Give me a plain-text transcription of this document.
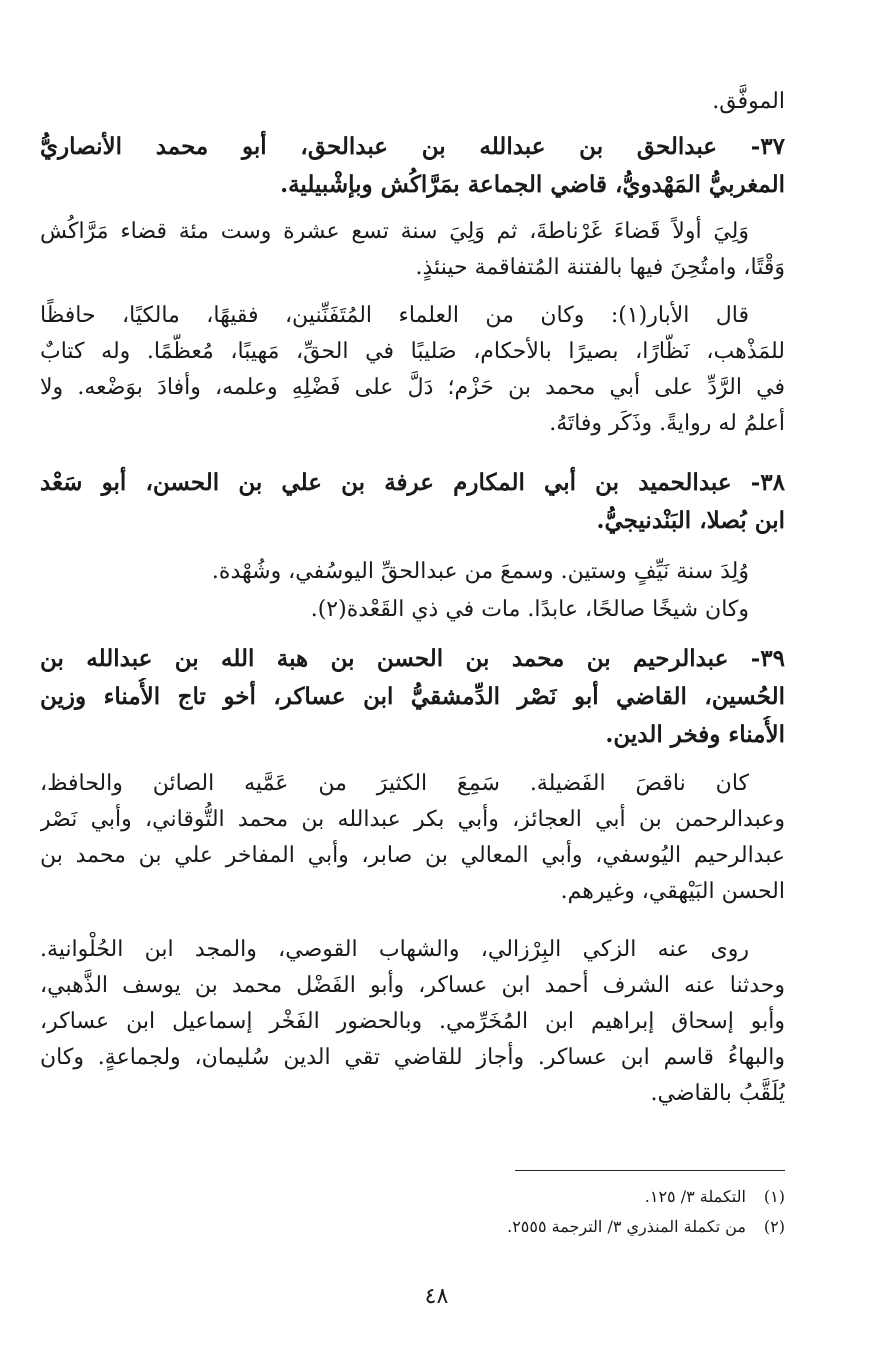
الموفَّق.
٣٧- عبدالحق بن عبدالله بن عبدالحق، أبو محمد الأنصاريُّ
المغربيُّ المَهْدويُّ، قاضي الجماعة بمَرَّاكُش وبإشْبيلية.
وَلِيَ أولاً قَضاءَ غَرْناطةَ، ثم وَلِيَ سنة تسع عشرة وست مئة قضاء مَرَّاكُش
وَقْتًا، وامتُحِنَ فيها بالفتنة المُتفاقمة حينئذٍ.
قال الأبار(١): وكان من العلماء المُتَفَنِّنين، فقيهًا، مالكيًا، حافظًا
للمَذْهب، نَظَّارًا، بصيرًا بالأحكام، صَليبًا في الحقِّ، مَهيبًا، مُعظَّمًا. وله كتابٌ
في الرَّدِّ على أبي محمد بن حَزْم؛ دَلَّ على فَضْلِهِ وعلمه، وأفادَ بوَضْعه. ولا
أعلمُ له روايةً. وذَكَر وفاتَهُ.
٣٨- عبدالحميد بن أبي المكارم عرفة بن علي بن الحسن، أبو سَعْد
ابن بُصلا، البَنْدنيجيُّ.
وُلِدَ سنة نَيِّفٍ وستين. وسمعَ من عبدالحقِّ اليوسُفي، وشُهْدة.
وكان شيخًا صالحًا، عابدًا. مات في ذي القَعْدة(٢).
٣٩- عبدالرحيم بن محمد بن الحسن بن هبة الله بن عبدالله بن
الحُسين، القاضي أبو نَصْر الدِّمشقيُّ ابن عساكر، أخو تاج الأُمناء وزين
الأُمناء وفخر الدين.
كان ناقصَ الفَضيلة. سَمِعَ الكثيرَ من عَمَّيه الصائن والحافظ،
وعبدالرحمن بن أبي العجائز، وأبي بكر عبدالله بن محمد التُّوقاني، وأبي نَصْر
عبدالرحيم اليُوسفي، وأبي المعالي بن صابر، وأبي المفاخر علي بن محمد بن
الحسن البَيْهقي، وغيرهم.
روى عنه الزكي البِرْزالي، والشهاب القوصي، والمجد ابن الحُلْوانية.
وحدثنا عنه الشرف أحمد ابن عساكر، وأبو الفَضْل محمد بن يوسف الذَّهبي،
وأبو إسحاق إبراهيم ابن المُخَرِّمي. وبالحضور الفَخْر إسماعيل ابن عساكر،
والبهاءُ قاسم ابن عساكر. وأجاز للقاضي تقي الدين سُليمان، ولجماعةٍ. وكان
يُلَقَّبُ بالقاضي.
(١) التكملة ٣/ ١٢٥.
(٢) من تكملة المنذري ٣/ الترجمة ٢٥٥٥.
٤٨
